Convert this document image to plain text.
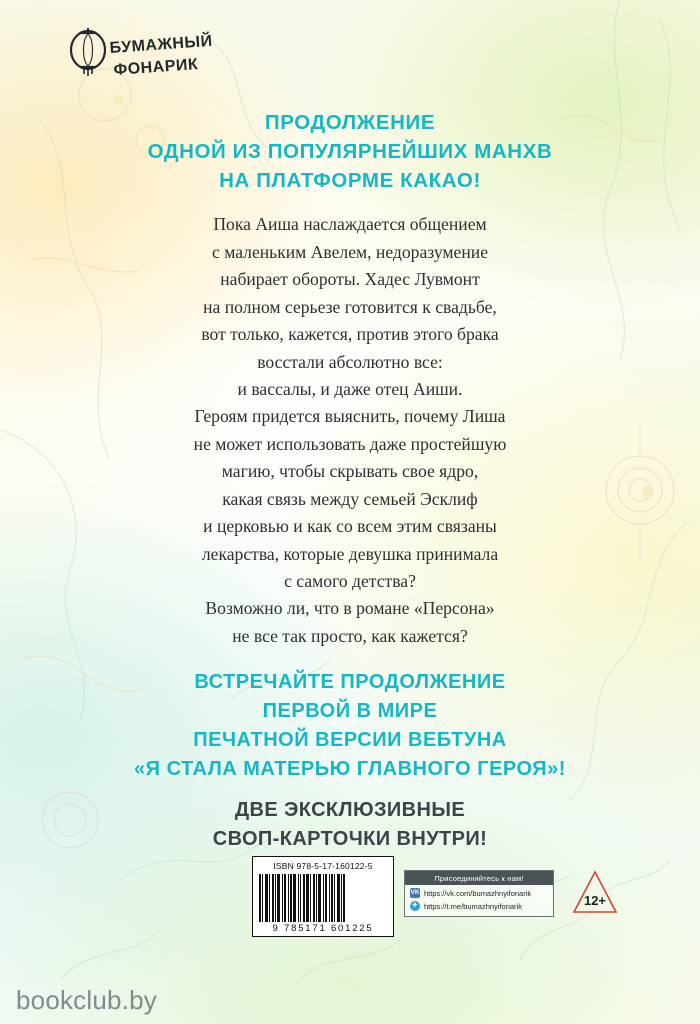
БУМАЖНЫЙ
ФОНАРИК
ПРОДОЛЖЕНИЕ
ОДНОЙ ИЗ ПОПУЛЯРНЕЙШИХ МАНХВ
НА ПЛАТФОРМЕ КАКАО!

Пока Аиша наслаждается общением
с маленьким Авелем, недоразумение
набирает обороты. Хадес Лувмонт
на полном серьезе готовится к свадьбе,
вот только, кажется, против этого брака
восстали абсолютно все:
и вассалы, и даже отец Аиши.
Героям придется выяснить, почему Лиша
не может использовать даже простейшую
магию, чтобы скрывать свое ядро,
какая связь между семьей Эсклиф
и церковью и как со всем этим связаны
лекарства, которые девушка принимала
с самого детства?
Возможно ли, что в романе «Персона»
не все так просто, как кажется?

ВСТРЕЧАЙТЕ ПРОДОЛЖЕНИЕ
ПЕРВОЙ В МИРЕ
ПЕЧАТНОЙ ВЕРСИИ ВЕБТУНА
«Я СТАЛА МАТЕРЬЮ ГЛАВНОГО ГЕРОЯ»!
ДВЕ ЭКСКЛЮЗИВНЫЕ
СВОП-КАРТОЧКИ ВНУТРИ!
ISBN 978-5-17-160122-5
9 785171 601225
Присоединяйтесь к нам!
VK https://vk.com/bumazhnyifonarik
✈ https://t.me/bumazhnyifonarik	12+
bookclub.by
